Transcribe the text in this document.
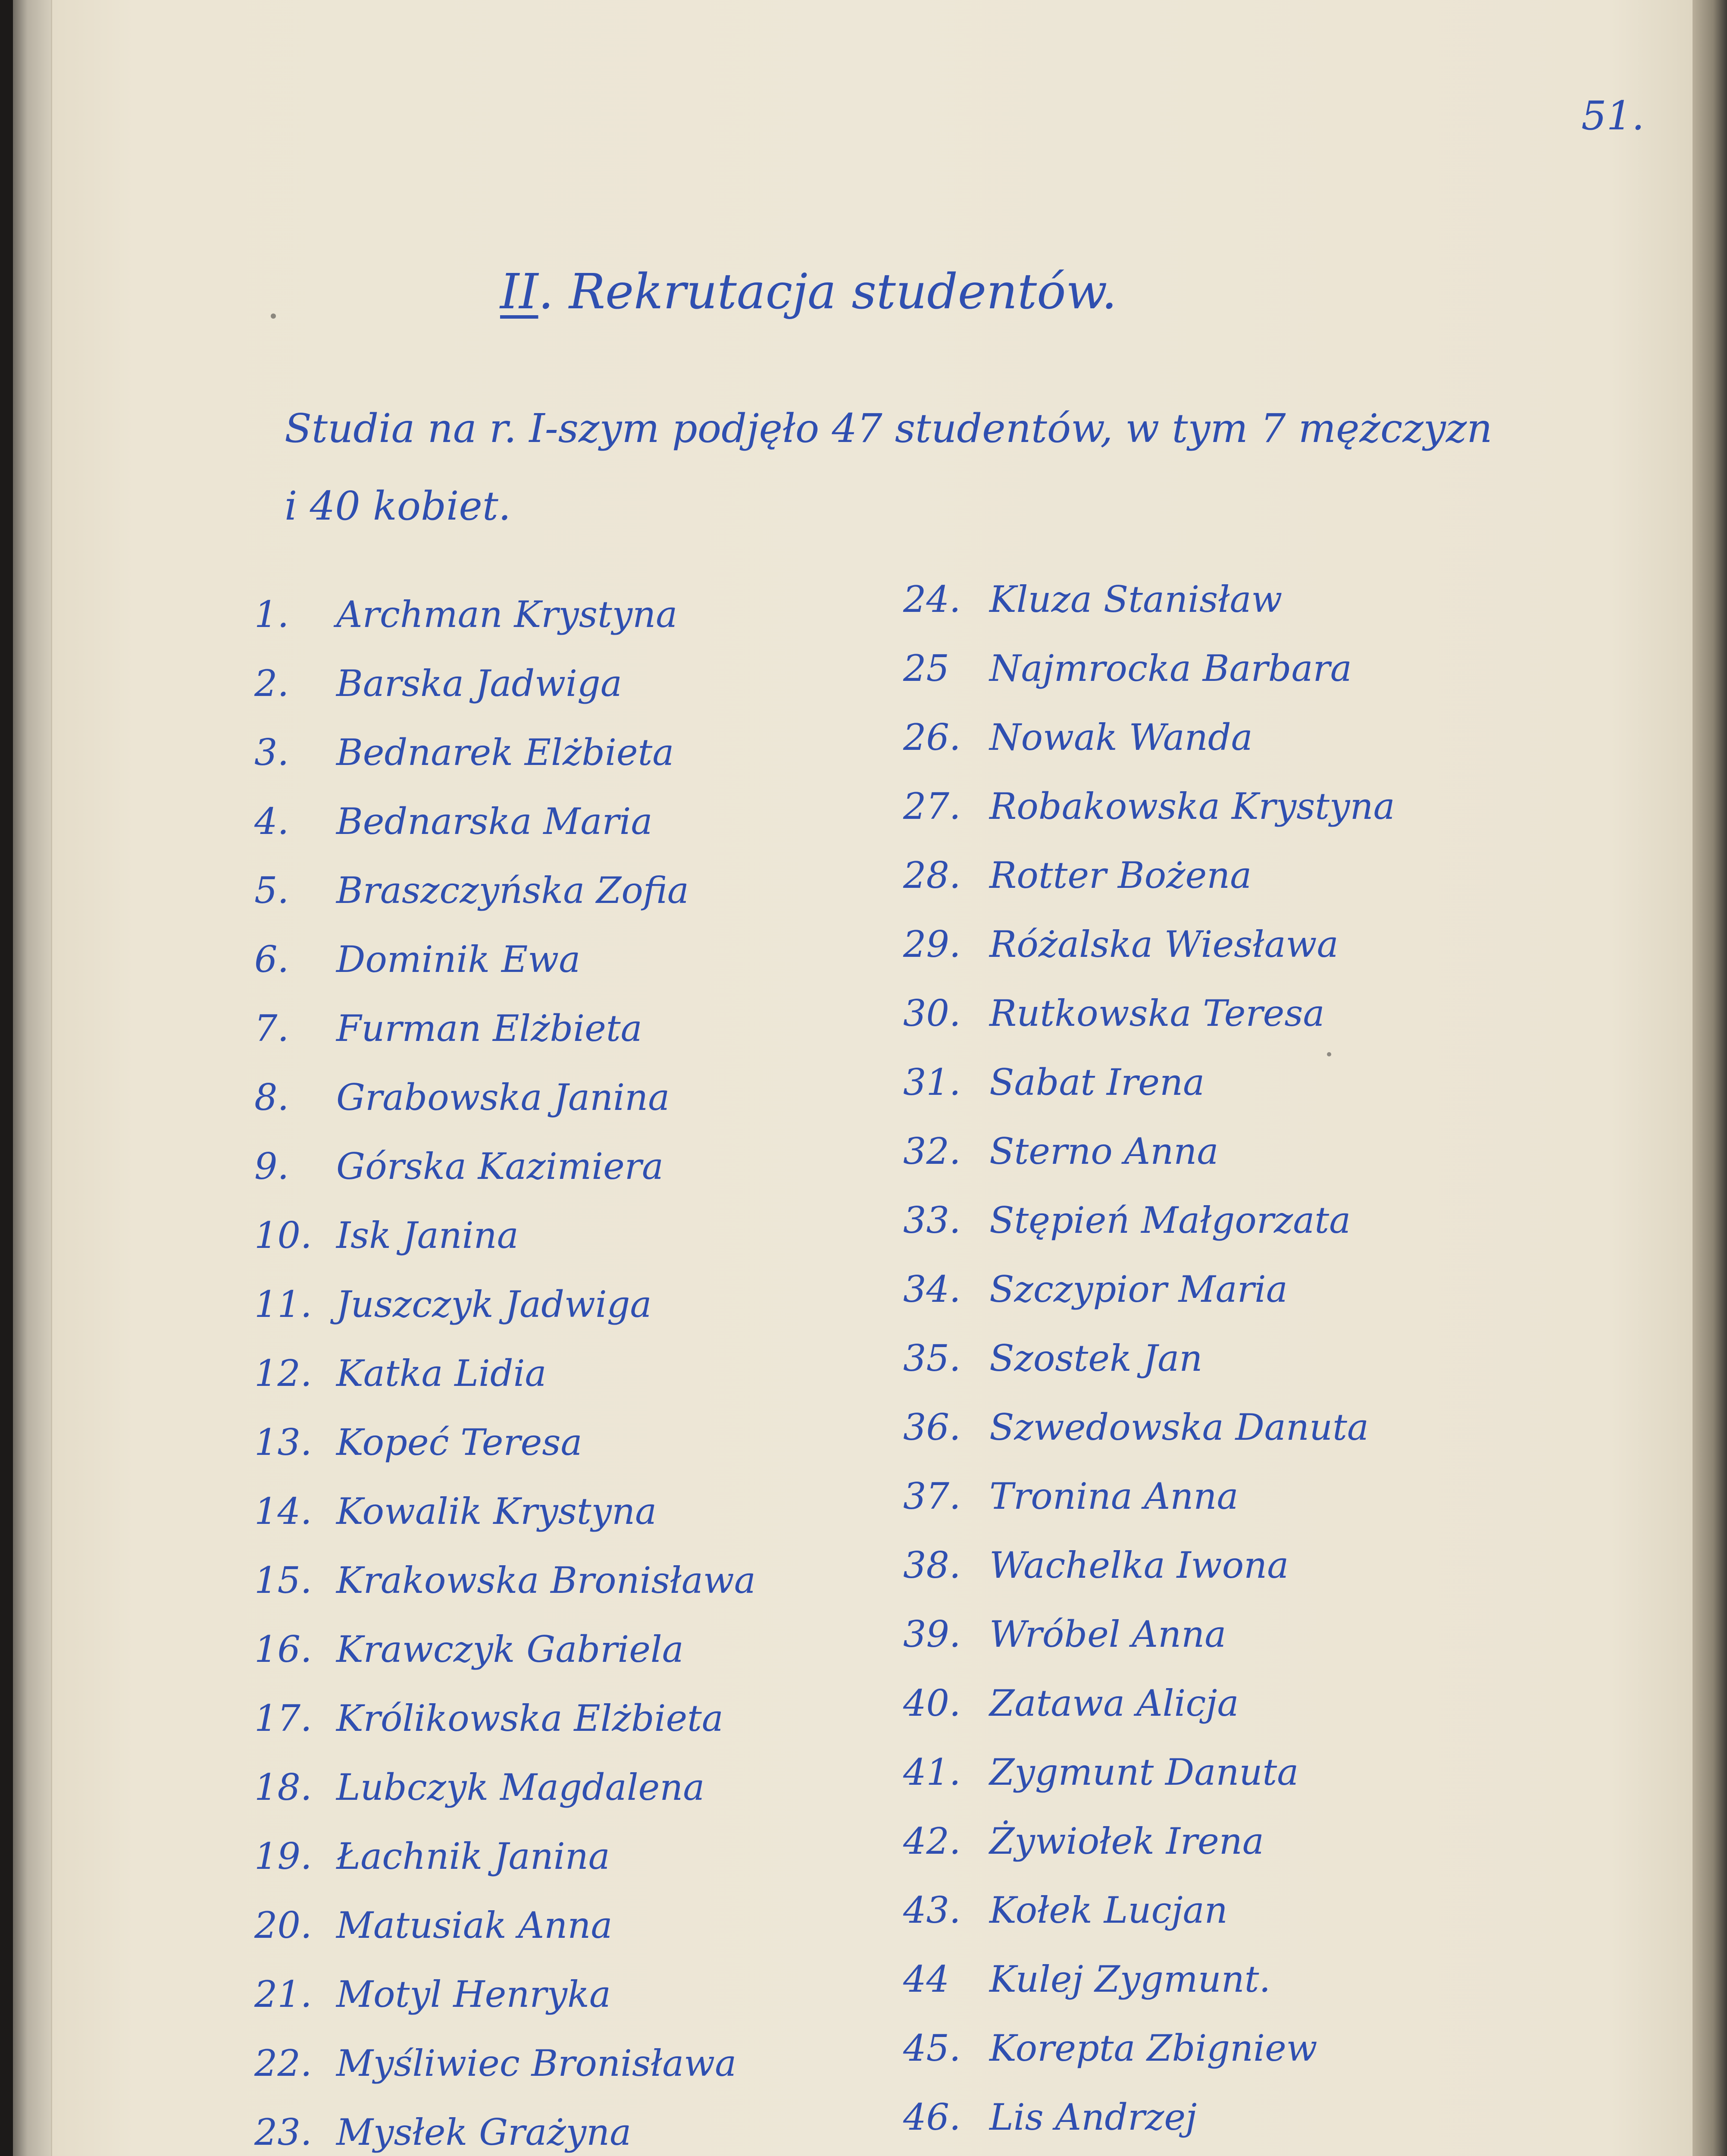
51.
II. Rekrutacja studentów.
Studia na r. I-szym podjęło 47 studentów, w tym 7 mężczyzn
i 40 kobiet.
1. Archman Krystyna
2. Barska Jadwiga
3. Bednarek Elżbieta
4. Bednarska Maria
5. Braszczyńska Zofia
6. Dominik Ewa
7. Furman Elżbieta
8. Grabowska Janina
9. Górska Kazimiera
10. Isk Janina
11. Juszczyk Jadwiga
12. Katka Lidia
13. Kopeć Teresa
14. Kowalik Krystyna
15. Krakowska Bronisława
16. Krawczyk Gabriela
17. Królikowska Elżbieta
18. Lubczyk Magdalena
19. Łachnik Janina
20. Matusiak Anna
21. Motyl Henryka
22. Myśliwiec Bronisława
23. Mysłek Grażyna
24. Kluza Stanisław
25 Najmrocka Barbara
26. Nowak Wanda
27. Robakowska Krystyna
28. Rotter Bożena
29. Różalska Wiesława
30. Rutkowska Teresa
31. Sabat Irena
32. Sterno Anna
33. Stępień Małgorzata
34. Szczypior Maria
35. Szostek Jan
36. Szwedowska Danuta
37. Tronina Anna
38. Wachelka Iwona
39. Wróbel Anna
40. Zatawa Alicja
41. Zygmunt Danuta
42. Żywiołek Irena
43. Kołek Lucjan
44 Kulej Zygmunt.
45. Korepta Zbigniew
46. Lis Andrzej
